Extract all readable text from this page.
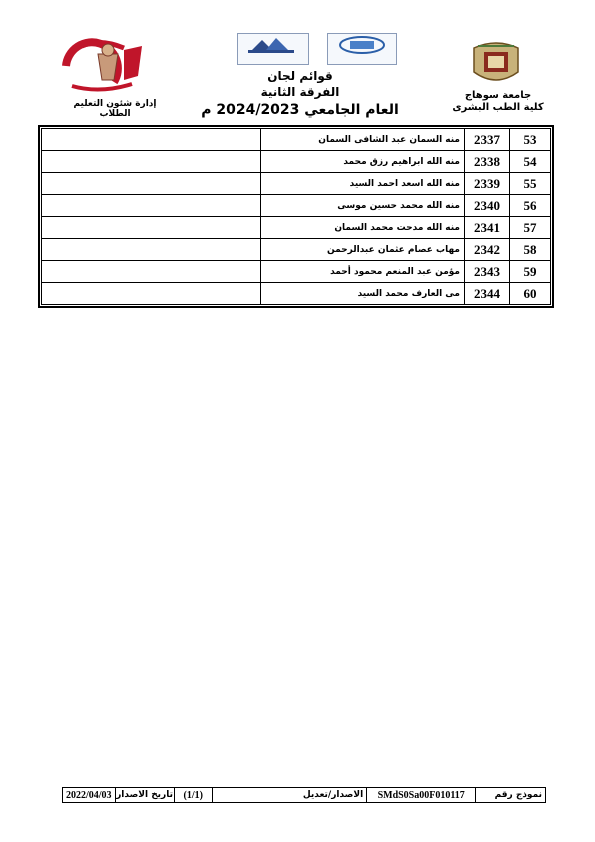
جامعة سوهاج
كلية الطب البشرى
قوائم لجان
الفرقة الثانية
العام الجامعي 2024/2023 م
إدارة شئون التعليم الطلاب
53	2337	منه السمان عبد الشافى السمان	
54	2338	منه الله ابراهيم رزق محمد	
55	2339	منه الله اسعد احمد السيد	
56	2340	منه الله محمد حسين موسى	
57	2341	منه الله مدحت محمد السمان	
58	2342	مهاب عصام عثمان عبدالرحمن	
59	2343	مؤمن عبد المنعم محمود أحمد	
60	2344	مى العارف محمد السيد	
نموذج رقم
SMdS0Sa00F010117
الاصدار/تعديل
(1/1)
تاريخ الاصدار
2022/04/03
